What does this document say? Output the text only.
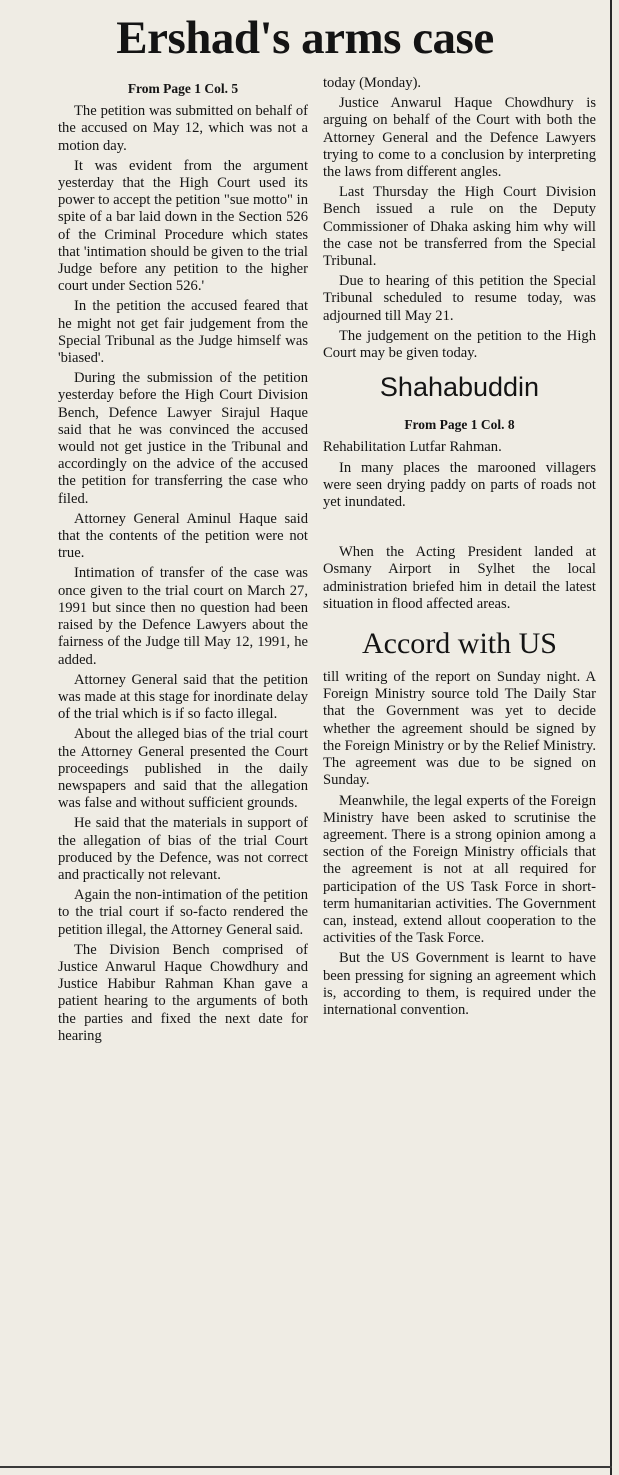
Ershad's arms case
From Page 1 Col. 5

The petition was submitted on behalf of the accused on May 12, which was not a motion day.

It was evident from the argument yesterday that the High Court used its power to accept the petition "sue motto" in spite of a bar laid down in the Section 526 of the Criminal Procedure which states that 'intimation should be given to the trial Judge before any petition to the higher court under Section 526.'

In the petition the accused feared that he might not get fair judgement from the Special Tribunal as the Judge himself was 'biased'.

During the submission of the petition yesterday before the High Court Division Bench, Defence Lawyer Sirajul Haque said that he was convinced the accused would not get justice in the Tribunal and accordingly on the advice of the accused the petition for transferring the case who filed.

Attorney General Aminul Haque said that the contents of the petition were not true.

Intimation of transfer of the case was once given to the trial court on March 27, 1991 but since then no question had been raised by the Defence Lawyers about the fairness of the Judge till May 12, 1991, he added.

Attorney General said that the petition was made at this stage for inordinate delay of the trial which is if so facto illegal.

About the alleged bias of the trial court the Attorney General presented the Court proceedings published in the daily newspapers and said that the allegation was false and without sufficient grounds.

He said that the materials in support of the allegation of bias of the trial Court produced by the Defence, was not correct and practically not relevant.

Again the non-intimation of the petition to the trial court if so-facto rendered the petition illegal, the Attorney General said.

The Division Bench comprised of Justice Anwarul Haque Chowdhury and Justice Habibur Rahman Khan gave a patient hearing to the arguments of both the parties and fixed the next date for hearing

today (Monday).

Justice Anwarul Haque Chowdhury is arguing on behalf of the Court with both the Attorney General and the Defence Lawyers trying to come to a conclusion by interpreting the laws from different angles.

Last Thursday the High Court Division Bench issued a rule on the Deputy Commissioner of Dhaka asking him why will the case not be transferred from the Special Tribunal.

Due to hearing of this petition the Special Tribunal scheduled to resume today, was adjourned till May 21.

The judgement on the petition to the High Court may be given today.

Shahabuddin
From Page 1 Col. 8

Rehabilitation Lutfar Rahman.

In many places the marooned villagers were seen drying paddy on parts of roads not yet inundated.

When the Acting President landed at Osmany Airport in Sylhet the local administration briefed him in detail the latest situation in flood affected areas.

Accord with US

till writing of the report on Sunday night. A Foreign Ministry source told The Daily Star that the Government was yet to decide whether the agreement should be signed by the Foreign Ministry or by the Relief Ministry. The agreement was due to be signed on Sunday.

Meanwhile, the legal experts of the Foreign Ministry have been asked to scrutinise the agreement. There is a strong opinion among a section of the Foreign Ministry officials that the agreement is not at all required for participation of the US Task Force in short-term humanitarian activities. The Government can, instead, extend allout cooperation to the activities of the Task Force.

But the US Government is learnt to have been pressing for signing an agreement which is, according to them, is required under the international convention.
